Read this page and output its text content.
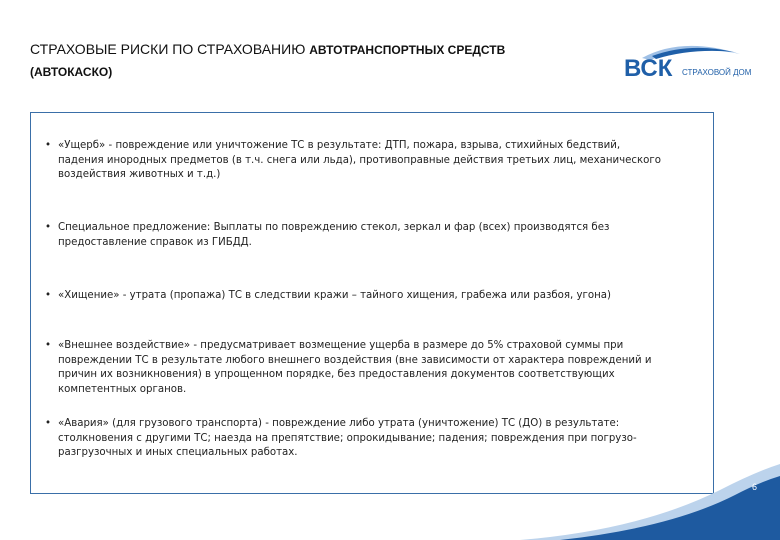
СТРАХОВЫЕ РИСКИ ПО СТРАХОВАНИЮ АВТОТРАНСПОРТНЫХ СРЕДСТВ
(АВТОКАСКО)	ВСК СТРАХОВОЙ ДОМ
• «Ущерб» - повреждение или уничтожение ТС в результате: ДТП, пожара, взрыва, стихийных бедствий,
падения инородных предметов (в т.ч. снега или льда), противоправные действия третьих лиц, механического
воздействия животных и т.д.)
• Специальное предложение: Выплаты по повреждению стекол, зеркал и фар (всех) производятся без
предоставление справок из ГИБДД.
• «Хищение» - утрата (пропажа) ТС в следствии кражи – тайного хищения, грабежа или разбоя, угона)
• «Внешнее воздействие» - предусматривает возмещение ущерба в размере до 5% страховой суммы при
повреждении ТС в результате любого внешнего воздействия (вне зависимости от характера повреждений и
причин их возникновения) в упрощенном порядке, без предоставления документов соответствующих
компетентных органов.
• «Авария» (для грузового транспорта) - повреждение либо утрата (уничтожение) ТС (ДО) в результате:
столкновения с другими ТС; наезда на препятствие; опрокидывание; падения; повреждения при погрузо-
разгрузочных и иных специальных работах.
6
